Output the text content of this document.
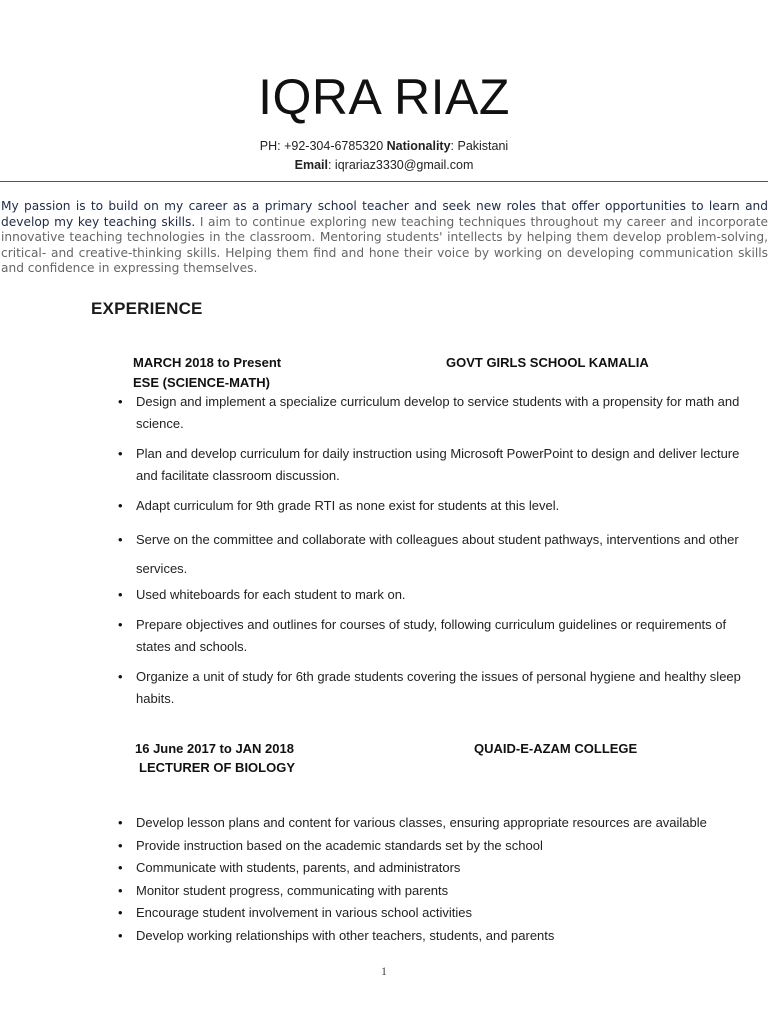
IQRA RIAZ
PH: +92-304-6785320 Nationality: Pakistani
Email: iqrariaz3330@gmail.com
My passion is to build on my career as a primary school teacher and seek new roles that offer opportunities to learn and develop my key teaching skills. I aim to continue exploring new teaching techniques throughout my career and incorporate innovative teaching technologies in the classroom. Mentoring students' intellects by helping them develop problem-solving, critical- and creative-thinking skills. Helping them find and hone their voice by working on developing communication skills and confidence in expressing themselves.
EXPERIENCE
MARCH 2018 to Present	GOVT GIRLS SCHOOL KAMALIA
ESE (SCIENCE-MATH)
• Design and implement a specialize curriculum develop to service students with a propensity for math and science.
• Plan and develop curriculum for daily instruction using Microsoft PowerPoint to design and deliver lecture and facilitate classroom discussion.
• Adapt curriculum for 9th grade RTI as none exist for students at this level.
• Serve on the committee and collaborate with colleagues about student pathways, interventions and other services.
• Used whiteboards for each student to mark on.
• Prepare objectives and outlines for courses of study, following curriculum guidelines or requirements of states and schools.
• Organize a unit of study for 6th grade students covering the issues of personal hygiene and healthy sleep habits.
16 June 2017 to JAN 2018	QUAID-E-AZAM COLLEGE
LECTURER OF BIOLOGY
• Develop lesson plans and content for various classes, ensuring appropriate resources are available
• Provide instruction based on the academic standards set by the school
• Communicate with students, parents, and administrators
• Monitor student progress, communicating with parents
• Encourage student involvement in various school activities
• Develop working relationships with other teachers, students, and parents
1
